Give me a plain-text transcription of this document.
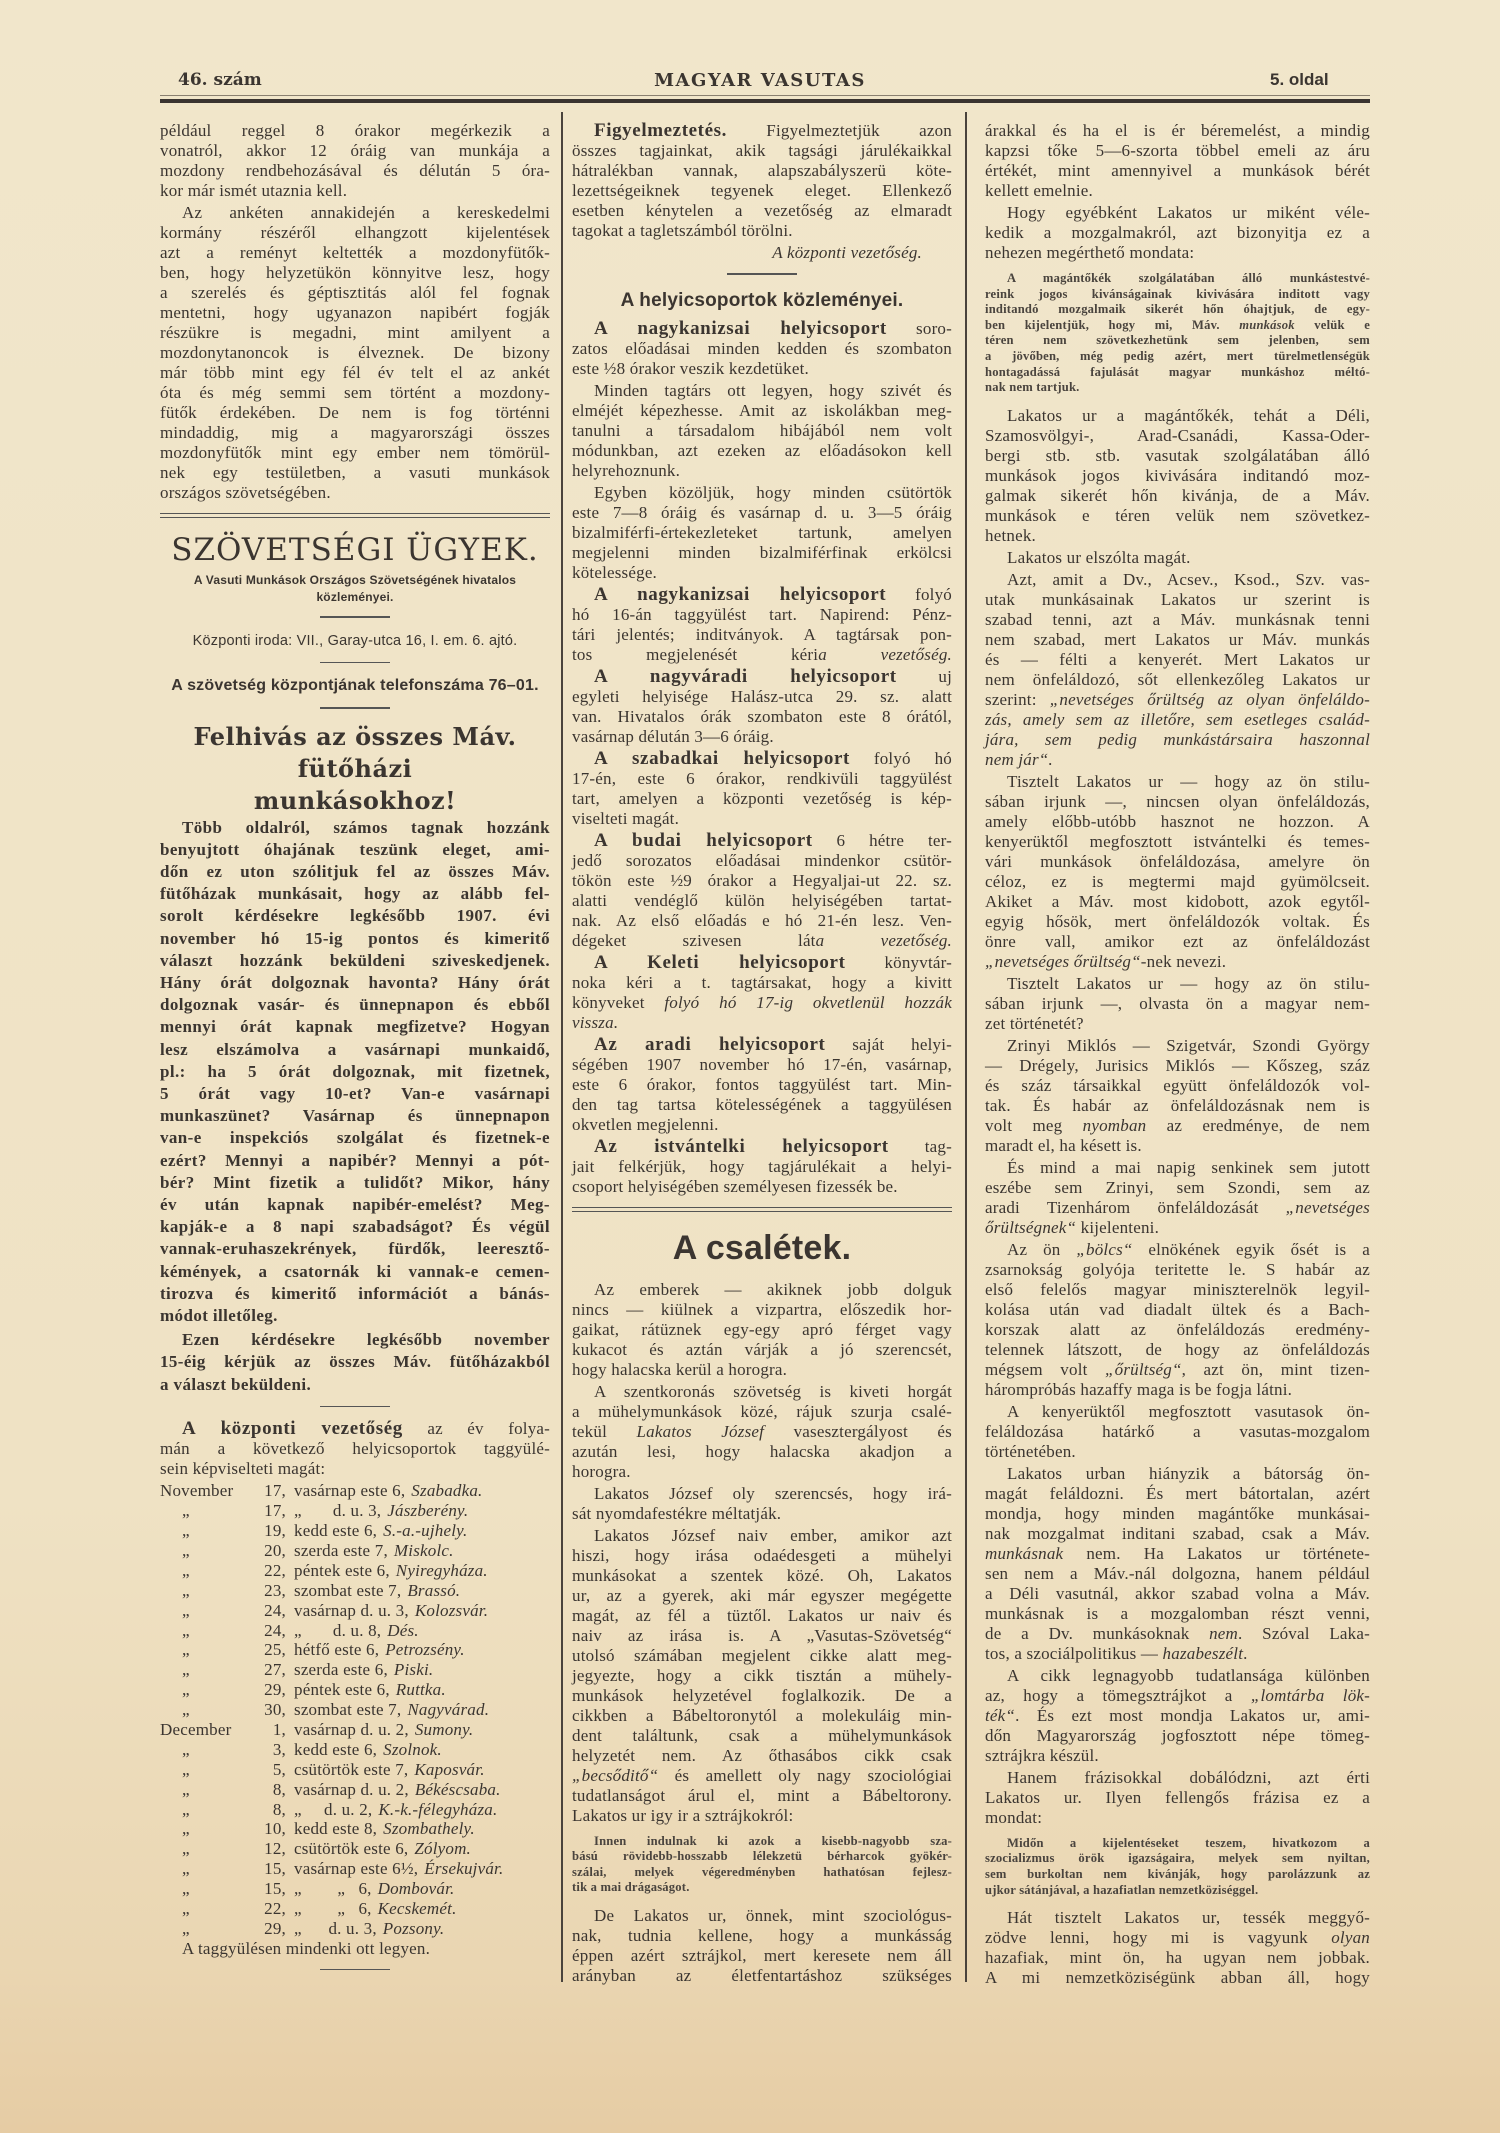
46. szám	MAGYAR VASUTAS	5. oldal
például reggel 8 órakor megérkezik a
vonatról, akkor 12 óráig van munkája a
mozdony rendbehozásával és délután 5 óra-
kor már ismét utaznia kell.
Az ankéten annakidején a kereskedelmi
kormány részéről elhangzott kijelentések
azt a reményt keltették a mozdonyfütők-
ben, hogy helyzetükön könnyitve lesz, hogy
a szerelés és géptisztitás alól fel fognak
mentetni, hogy ugyanazon napibért fogják
részükre is megadni, mint amilyent a
mozdonytanoncok is élveznek. De bizony
már több mint egy fél év telt el az ankét
óta és még semmi sem történt a mozdony-
fütők érdekében. De nem is fog történni
mindaddig, mig a magyarországi összes
mozdonyfütők mint egy ember nem tömörül-
nek egy testületben, a vasuti munkások
országos szövetségében.
SZÖVETSÉGI ÜGYEK.
A Vasuti Munkások Országos Szövetségének hivatalos
közleményei.
Központi iroda: VII., Garay-utca 16, I. em. 6. ajtó.
A szövetség központjának telefonszáma 76–01.
Felhivás az összes Máv. fütőházi
munkásokhoz!
Több oldalról, számos tagnak hozzánk
benyujtott óhajának teszünk eleget, ami-
dőn ez uton szólitjuk fel az összes Máv.
fütőházak munkásait, hogy az alább fel-
sorolt kérdésekre legkésőbb 1907. évi
november hó 15-ig pontos és kimeritő
választ hozzánk beküldeni sziveskedjenek.
Hány órát dolgoznak havonta? Hány órát
dolgoznak vasár- és ünnepnapon és ebből
mennyi órát kapnak megfizetve? Hogyan
lesz elszámolva a vasárnapi munkaidő,
pl.: ha 5 órát dolgoznak, mit fizetnek,
5 órát vagy 10-et? Van-e vasárnapi
munkaszünet? Vasárnap és ünnepnapon
van-e inspekciós szolgálat és fizetnek-e
ezért? Mennyi a napibér? Mennyi a pót-
bér? Mint fizetik a tulidőt? Mikor, hány
év után kapnak napibér-emelést? Meg-
kapják-e a 8 napi szabadságot? És végül
vannak-eruhaszekrények, fürdők, leeresztő-
kémények, a csatornák ki vannak-e cemen-
tirozva és kimeritő információt a bánás-
módot illetőleg.
Ezen kérdésekre legkésőbb november
15-éig kérjük az összes Máv. fütőházakból
a választ beküldeni.
A központi vezetőség az év folya-
mán a következő helyicsoportok taggyülé-
sein képviselteti magát:
November	17, vasárnap este 6, Szabadka.
„	17, „       d. u. 3, Jászberény.
„	19, kedd este 6, S.-a.-ujhely.
„	20, szerda este 7, Miskolc.
„	22, péntek este 6, Nyiregyháza.
„	23, szombat este 7, Brassó.
„	24, vasárnap d. u. 3, Kolozsvár.
„	24, „       d. u. 8, Dés.
„	25, hétfő este 6, Petrozsény.
„	27, szerda este 6, Piski.
„	29, péntek este 6, Ruttka.
„	30, szombat este 7, Nagyvárad.
December	1, vasárnap d. u. 2, Sumony.
„	3, kedd este 6, Szolnok.
„	5, csütörtök este 7, Kaposvár.
„	8, vasárnap d. u. 2, Békéscsaba.
„	8, „     d. u. 2, K.-k.-félegyháza.
„	10, kedd este 8, Szombathely.
„	12, csütörtök este 6, Zólyom.
„	15, vasárnap este 6½, Érsekujvár.
„	15, „        „   6, Dombovár.
„	22, „        „   6, Kecskemét.
„	29, „      d. u. 3, Pozsony.
A taggyülésen mindenki ott legyen.
Figyelmeztetés. Figyelmeztetjük azon
összes tagjainkat, akik tagsági járulékaikkal
hátralékban vannak, alapszabályszerü köte-
lezettségeiknek tegyenek eleget. Ellenkező
esetben kénytelen a vezetőség az elmaradt
tagokat a tagletszámból törölni.
A központi vezetőség.
A helyicsoportok közleményei.
A nagykanizsai helyicsoport soro-
zatos előadásai minden kedden és szombaton
este ½8 órakor veszik kezdetüket.
Minden tagtárs ott legyen, hogy szivét és
elméjét képezhesse. Amit az iskolákban meg-
tanulni a társadalom hibájából nem volt
módunkban, azt ezeken az előadásokon kell
helyrehoznunk.
Egyben közöljük, hogy minden csütörtök
este 7—8 óráig és vasárnap d. u. 3—5 óráig
bizalmiférfi-értekezleteket tartunk, amelyen
megjelenni minden bizalmiférfinak erkölcsi
kötelessége.
A nagykanizsai helyicsoport folyó
hó 16-án taggyülést tart. Napirend: Pénz-
tári jelentés; inditványok. A tagtársak pon-
tos megjelenését kéria vezetőség.
A nagyváradi helyicsoport uj
egyleti helyisége Halász-utca 29. sz. alatt
van. Hivatalos órák szombaton este 8 órától,
vasárnap délután 3—6 óráig.
A szabadkai helyicsoport folyó hó
17-én, este 6 órakor, rendkivüli taggyülést
tart, amelyen a központi vezetőség is kép-
viselteti magát.
A budai helyicsoport 6 hétre ter-
jedő sorozatos előadásai mindenkor csütör-
tökön este ½9 órakor a Hegyaljai-ut 22. sz.
alatti vendéglő külön helyiségében tartat-
nak. Az első előadás e hó 21-én lesz. Ven-
dégeket szivesen láta vezetőség.
A Keleti helyicsoport könyvtár-
noka kéri a t. tagtársakat, hogy a kivitt
könyveket folyó hó 17-ig okvetlenül hozzák
vissza.
Az aradi helyicsoport saját helyi-
ségében 1907 november hó 17-én, vasárnap,
este 6 órakor, fontos taggyülést tart. Min-
den tag tartsa kötelességének a taggyülésen
okvetlen megjelenni.
Az istvántelki helyicsoport tag-
jait felkérjük, hogy tagjárulékait a helyi-
csoport helyiségében személyesen fizessék be.
A csalétek.
Az emberek — akiknek jobb dolguk
nincs — kiülnek a vizpartra, előszedik hor-
gaikat, rátüznek egy-egy apró férget vagy
kukacot és aztán várják a jó szerencsét,
hogy halacska kerül a horogra.
A szentkoronás szövetség is kiveti horgát
a mühelymunkások közé, rájuk szurja csalé-
tekül Lakatos József vasesztergályost és
azután lesi, hogy halacska akadjon a
horogra.
Lakatos József oly szerencsés, hogy irá-
sát nyomdafestékre méltatják.
Lakatos József naiv ember, amikor azt
hiszi, hogy irása odaédesgeti a mühelyi
munkásokat a szentek közé. Oh, Lakatos
ur, az a gyerek, aki már egyszer megégette
magát, az fél a tüztől. Lakatos ur naiv és
naiv az irása is. A „Vasutas-Szövetség“
utolsó számában megjelent cikke alatt meg-
jegyezte, hogy a cikk tisztán a mühely-
munkások helyzetével foglalkozik. De a
cikkben a Bábeltoronytól a molekuláig min-
dent találtunk, csak a mühelymunkások
helyzetét nem. Az őthasábos cikk csak
„becsőditő“ és amellett oly nagy szociológiai
tudatlanságot árul el, mint a Bábeltorony.
Lakatos ur igy ir a sztrájkokról:
Innen indulnak ki azok a kisebb-nagyobb sza-
bású rövidebb-hosszabb lélekzetü bérharcok gyökér-
szálai, melyek végeredményben hathatósan fejlesz-
tik a mai drágaságot.
De Lakatos ur, önnek, mint szociológus-
nak, tudnia kellene, hogy a munkásság
éppen azért sztrájkol, mert keresete nem áll
arányban az életfentartáshoz szükséges
árakkal és ha el is ér béremelést, a mindig
kapzsi tőke 5—6-szorta többel emeli az áru
értékét, mint amennyivel a munkások bérét
kellett emelnie.
Hogy egyébként Lakatos ur miként véle-
kedik a mozgalmakról, azt bizonyitja ez a
nehezen megérthető mondata:
A magántőkék szolgálatában álló munkástestvé-
reink jogos kivánságainak kivivására inditott vagy
inditandó mozgalmaik sikerét hőn óhajtjuk, de egy-
ben kijelentjük, hogy mi, Máv. munkások velük e
téren nem szövetkezhetünk sem jelenben, sem
a jövőben, még pedig azért, mert türelmetlenségük
hontagadássá fajulását magyar munkáshoz méltó-
nak nem tartjuk.
Lakatos ur a magántőkék, tehát a Déli,
Szamosvölgyi-, Arad-Csanádi, Kassa-Oder-
bergi stb. stb. vasutak szolgálatában álló
munkások jogos kivivására inditandó moz-
galmak sikerét hőn kivánja, de a Máv.
munkások e téren velük nem szövetkez-
hetnek.
Lakatos ur elszólta magát.
Azt, amit a Dv., Acsev., Ksod., Szv. vas-
utak munkásainak Lakatos ur szerint is
szabad tenni, azt a Máv. munkásnak tenni
nem szabad, mert Lakatos ur Máv. munkás
és — félti a kenyerét. Mert Lakatos ur
nem önfeláldozó, sőt ellenkezőleg Lakatos ur
szerint: „nevetséges őrültség az olyan önfeláldo-
zás, amely sem az illetőre, sem esetleges család-
jára, sem pedig munkástársaira haszonnal
nem jár“.
Tisztelt Lakatos ur — hogy az ön stilu-
sában irjunk —, nincsen olyan önfeláldozás,
amely előbb-utóbb hasznot ne hozzon. A
kenyerüktől megfosztott istvántelki és temes-
vári munkások önfeláldozása, amelyre ön
céloz, ez is megtermi majd gyümölcseit.
Akiket a Máv. most kidobott, azok egytől-
egyig hősök, mert önfeláldozók voltak. És
önre vall, amikor ezt az önfeláldozást
„nevetséges őrültség“-nek nevezi.
Tisztelt Lakatos ur — hogy az ön stilu-
sában irjunk —, olvasta ön a magyar nem-
zet történetét?
Zrinyi Miklós — Szigetvár, Szondi György
— Drégely, Jurisics Miklós — Kőszeg, száz
és száz társaikkal együtt önfeláldozók vol-
tak. És habár az önfeláldozásnak nem is
volt meg nyomban az eredménye, de nem
maradt el, ha késett is.
És mind a mai napig senkinek sem jutott
eszébe sem Zrinyi, sem Szondi, sem az
aradi Tizenhárom önfeláldozását „nevetséges
őrültségnek“ kijelenteni.
Az ön „bölcs“ elnökének egyik ősét is a
zsarnokság golyója teritette le. S habár az
első felelős magyar miniszterelnök legyil-
kolása után vad diadalt ültek és a Bach-
korszak alatt az önfeláldozás eredmény-
telennek látszott, de hogy az önfeláldozás
mégsem volt „őrültség“, azt ön, mint tizen-
hárompróbás hazaffy maga is be fogja látni.
A kenyerüktől megfosztott vasutasok ön-
feláldozása határkő a vasutas-mozgalom
történetében.
Lakatos urban hiányzik a bátorság ön-
magát feláldozni. És mert bátortalan, azért
mondja, hogy minden magántőke munkásai-
nak mozgalmat inditani szabad, csak a Máv.
munkásnak nem. Ha Lakatos ur története-
sen nem a Máv.-nál dolgozna, hanem például
a Déli vasutnál, akkor szabad volna a Máv.
munkásnak is a mozgalomban részt venni,
de a Dv. munkásoknak nem. Szóval Laka-
tos, a szociálpolitikus — hazabeszélt.
A cikk legnagyobb tudatlansága különben
az, hogy a tömegsztrájkot a „lomtárba lök-
ték“. És ezt most mondja Lakatos ur, ami-
dőn Magyarország jogfosztott népe tömeg-
sztrájkra készül.
Hanem frázisokkal dobálódzni, azt érti
Lakatos ur. Ilyen fellengős frázisa ez a
mondat:
Midőn a kijelentéseket teszem, hivatkozom a
szocializmus örök igazságaira, melyek sem nyiltan,
sem burkoltan nem kivánják, hogy parolázzunk az
ujkor sátánjával, a hazafiatlan nemzetköziséggel.
Hát tisztelt Lakatos ur, tessék meggyő-
zödve lenni, hogy mi is vagyunk olyan
hazafiak, mint ön, ha ugyan nem jobbak.
A mi nemzetköziségünk abban áll, hogy
